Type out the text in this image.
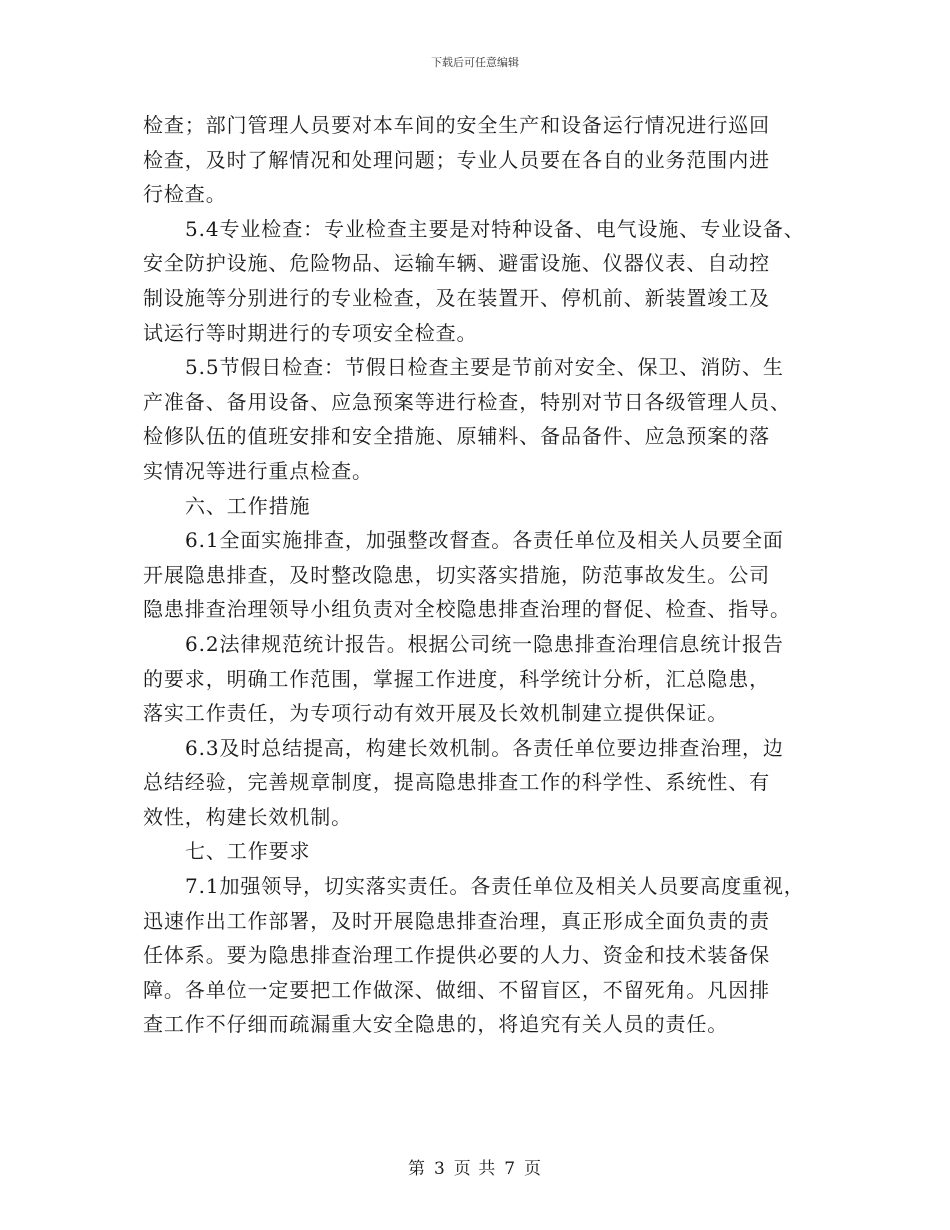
下载后可任意编辑
检查；部门管理人员要对本车间的安全生产和设备运行情况进行巡回
检查，及时了解情况和处理问题；专业人员要在各自的业务范围内进
行检查。
5.4专业检查：专业检查主要是对特种设备、电气设施、专业设备、
安全防护设施、危险物品、运输车辆、避雷设施、仪器仪表、自动控
制设施等分别进行的专业检查，及在装置开、停机前、新装置竣工及
试运行等时期进行的专项安全检查。
5.5节假日检查：节假日检查主要是节前对安全、保卫、消防、生
产准备、备用设备、应急预案等进行检查，特别对节日各级管理人员、
检修队伍的值班安排和安全措施、原辅料、备品备件、应急预案的落
实情况等进行重点检查。
六、工作措施
6.1全面实施排查，加强整改督查。各责任单位及相关人员要全面
开展隐患排查，及时整改隐患，切实落实措施，防范事故发生。公司
隐患排查治理领导小组负责对全校隐患排查治理的督促、检查、指导。
6.2法律规范统计报告。根据公司统一隐患排查治理信息统计报告
的要求，明确工作范围，掌握工作进度，科学统计分析，汇总隐患，
落实工作责任，为专项行动有效开展及长效机制建立提供保证。
6.3及时总结提高，构建长效机制。各责任单位要边排查治理，边
总结经验，完善规章制度，提高隐患排查工作的科学性、系统性、有
效性，构建长效机制。
七、工作要求
7.1加强领导，切实落实责任。各责任单位及相关人员要高度重视，
迅速作出工作部署，及时开展隐患排查治理，真正形成全面负责的责
任体系。要为隐患排查治理工作提供必要的人力、资金和技术装备保
障。各单位一定要把工作做深、做细、不留盲区，不留死角。凡因排
查工作不仔细而疏漏重大安全隐患的，将追究有关人员的责任。
第 3 页 共 7 页
